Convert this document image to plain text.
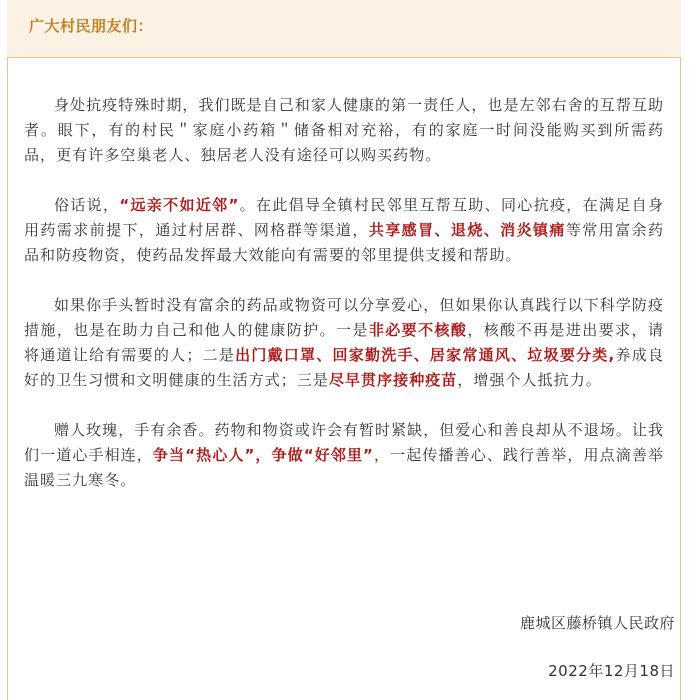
广大村民朋友们：

身处抗疫特殊时期，我们既是自己和家人健康的第一责任人，也是左邻右舍的互帮互助者。眼下，有的村民＂家庭小药箱＂储备相对充裕，有的家庭一时间没能购买到所需药品，更有许多空巢老人、独居老人没有途径可以购买药物。

俗话说，“远亲不如近邻”。在此倡导全镇村民邻里互帮互助、同心抗疫，在满足自身用药需求前提下，通过村居群、网格群等渠道，共享感冒、退烧、消炎镇痛等常用富余药品和防疫物资，使药品发挥最大效能向有需要的邻里提供支援和帮助。

如果你手头暂时没有富余的药品或物资可以分享爱心，但如果你认真践行以下科学防疫措施，也是在助力自己和他人的健康防护。一是非必要不核酸，核酸不再是进出要求，请将通道让给有需要的人；二是出门戴口罩、回家勤洗手、居家常通风、垃圾要分类,养成良好的卫生习惯和文明健康的生活方式；三是尽早贯序接种疫苗，增强个人抵抗力。

赠人玫瑰，手有余香。药物和物资或许会有暂时紧缺，但爱心和善良却从不退场。让我们一道心手相连，争当“热心人”，争做“好邻里”，一起传播善心、践行善举，用点滴善举温暖三九寒冬。

鹿城区藤桥镇人民政府
2022年12月18日
